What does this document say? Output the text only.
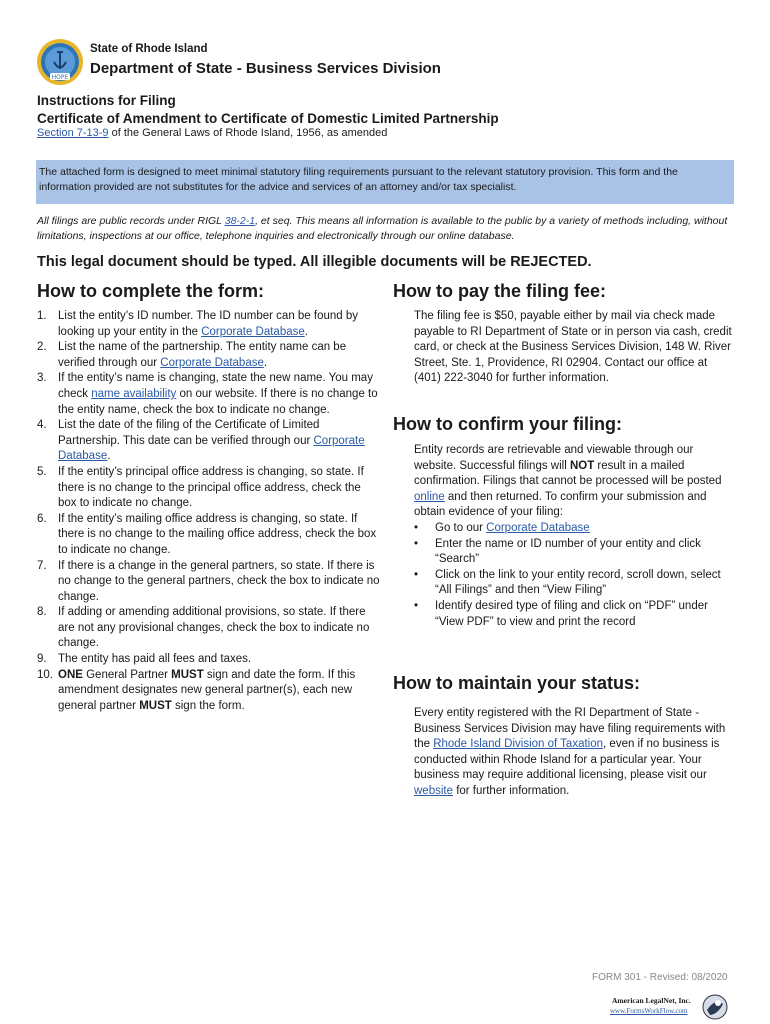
HOPE
State of Rhode Island
Department of State - Business Services Division
Instructions for Filing
Certificate of Amendment to Certificate of Domestic Limited Partnership
Section 7-13-9 of the General Laws of Rhode Island, 1956, as amended
The attached form is designed to meet minimal statutory filing requirements pursuant to the relevant statutory provision. This form and the information provided are not substitutes for the advice and services of an attorney and/or tax specialist.
All filings are public records under RIGL 38-2-1, et seq. This means all information is available to the public by a variety of methods including, without limitations, inspections at our office, telephone inquiries and electronically through our online database.
This legal document should be typed. All illegible documents will be REJECTED.
How to complete the form:
1. List the entity’s ID number. The ID number can be found by looking up your entity in the Corporate Database.
2. List the name of the partnership. The entity name can be verified through our Corporate Database.
3. If the entity’s name is changing, state the new name. You may check name availability on our website. If there is no change to the entity name, check the box to indicate no change.
4. List the date of the filing of the Certificate of Limited Partnership. This date can be verified through our Corporate Database.
5. If the entity’s principal office address is changing, so state. If there is no change to the principal office address, check the box to indicate no change.
6. If the entity’s mailing office address is changing, so state. If there is no change to the mailing office address, check the box to indicate no change.
7. If there is a change in the general partners, so state. If there is no change to the general partners, check the box to indicate no change.
8. If adding or amending additional provisions, so state. If there are not any provisional changes, check the box to indicate no change.
9. The entity has paid all fees and taxes.
10. ONE General Partner MUST sign and date the form. If this amendment designates new general partner(s), each new general partner MUST sign the form.
How to pay the filing fee:
The filing fee is $50, payable either by mail via check made payable to RI Department of State or in person via cash, credit card, or check at the Business Services Division, 148 W. River Street, Ste. 1, Providence, RI 02904. Contact our office at (401) 222-3040 for further information.
How to confirm your filing:
Entity records are retrievable and viewable through our website. Successful filings will NOT result in a mailed confirmation. Filings that cannot be processed will be posted online and then returned. To confirm your submission and obtain evidence of your filing:
• Go to our Corporate Database
• Enter the name or ID number of your entity and click “Search”
• Click on the link to your entity record, scroll down, select “All Filings” and then “View Filing”
• Identify desired type of filing and click on “PDF” under “View PDF” to view and print the record
How to maintain your status:
Every entity registered with the RI Department of State - Business Services Division may have filing requirements with the Rhode Island Division of Taxation, even if no business is conducted within Rhode Island for a particular year. Your business may require additional licensing, please visit our website for further information.
FORM 301 - Revised: 08/2020
American LegalNet, Inc.
www.FormsWorkFlow.com
